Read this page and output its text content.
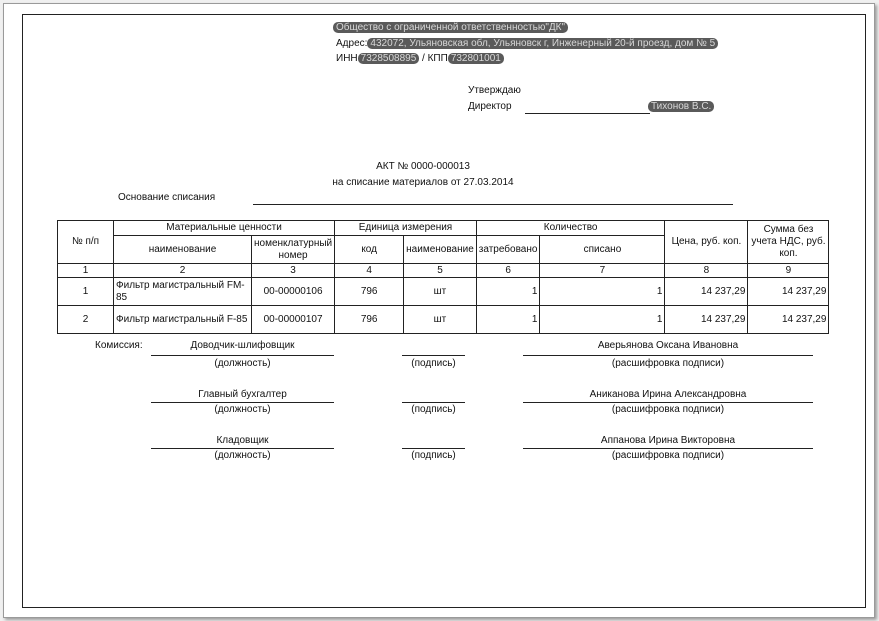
Общество с ограниченной ответственностью"ДК"
Адрес: 432072, Ульяновская обл, Ульяновск г, Инженерный 20-й проезд, дом № 5
ИНН 7328508895 / КПП 732801001
Утверждаю
Директор	Тихонов В.С.
АКТ № 0000-000013
на списание материалов от 27.03.2014
Основание списания
№ п/п	Материальные ценности		Единица измерения		Количество		Цена, руб. коп.	Сумма без учета НДС, руб. коп.
	наименование	номенклатурный номер	код	наименование	затребовано	списано		
1	2	3	4	5	6	7	8	9
1	Фильтр магистральный FM-85	00-00000106	796	шт	1	1	14 237,29	14 237,29
2	Фильтр магистральный F-85	00-00000107	796	шт	1	1	14 237,29	14 237,29
Комиссия:	Доводчик-шлифовщик	Аверьянова Оксана Ивановна
(должность)	(подпись)	(расшифровка подписи)
Главный бухгалтер	Аниканова Ирина Александровна
(должность)	(подпись)	(расшифровка подписи)
Кладовщик	Аппанова Ирина Викторовна
(должность)	(подпись)	(расшифровка подписи)
